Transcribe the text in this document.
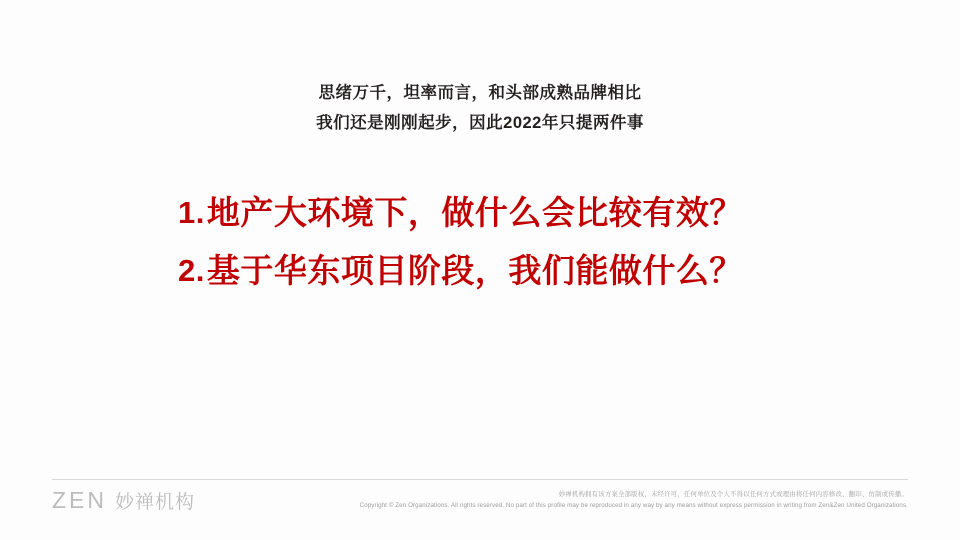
思绪万千，坦率而言，和头部成熟品牌相比
我们还是刚刚起步，因此2022年只提两件事
1. 地产大环境下，做什么会比较有效？
2. 基于华东项目阶段，我们能做什么？
ZEN 妙禅机构	妙禅机构拥有该方案全部版权，未经许可，任何单位及个人不得以任何方式或理由将任何内容修改、翻印、仿制或传播。
Copyright © Zen Organizations. All rights reserved. No part of this profile may be reproduced in any way by any means without express permission in writing from Zen&Zen United Organizations.
